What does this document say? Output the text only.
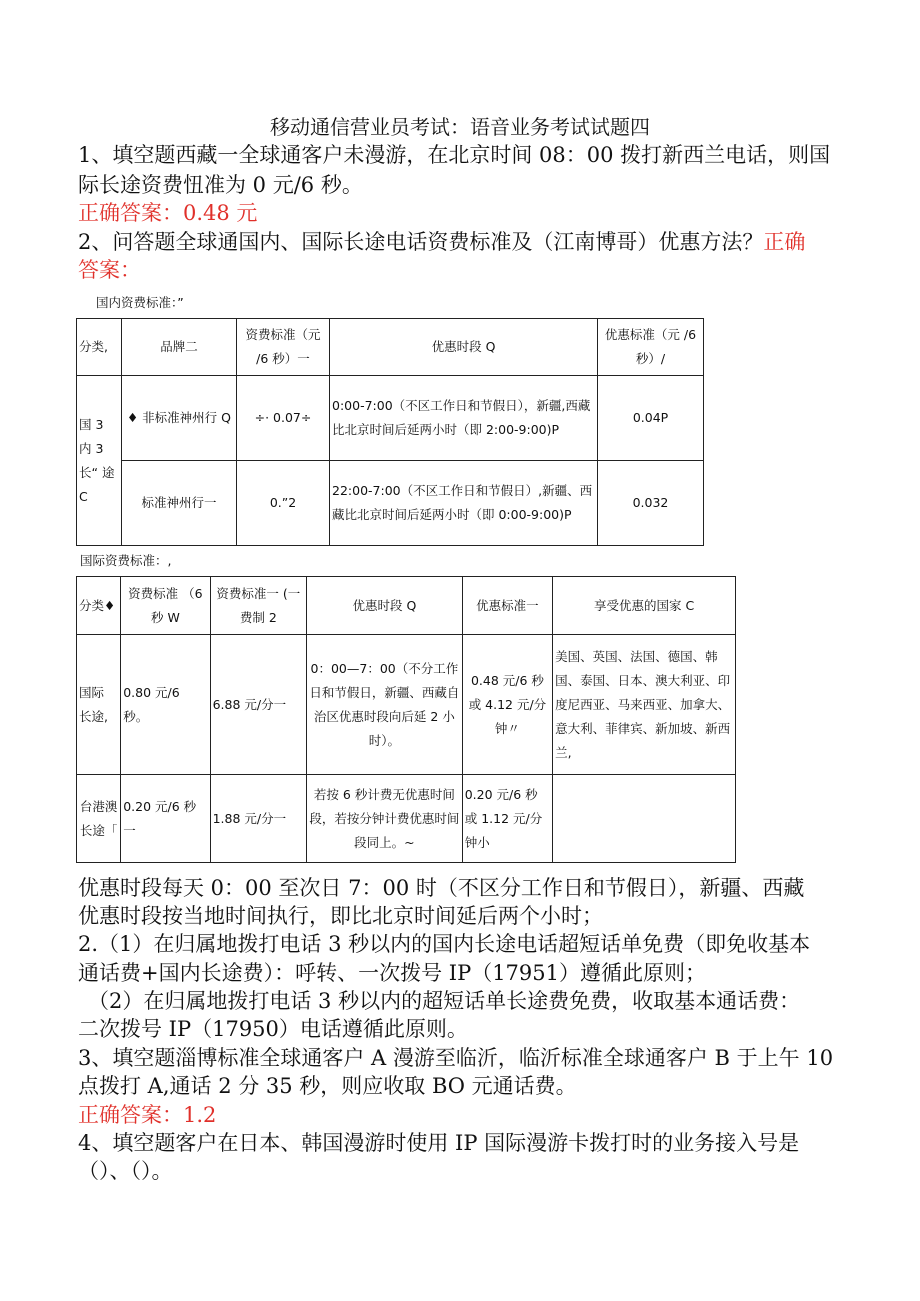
移动通信营业员考试：语音业务考试试题四
1、填空题西藏一全球通客户未漫游，在北京时间 08：00 拨打新西兰电话，则国
际长途资费忸准为 0 元/6 秒。
正确答案：0.48 元
2、问答题全球通国内、国际长途电话资费标准及（江南博哥）优惠方法？正确
答案：
国内资费标准：”
分类,	品牌二	资费标准（元 /6 秒）一	优惠时段 Q	优惠标准（元 /6 秒）/
国 3 内 3 长“ 途 C	♦ 非标准神州行 Q	÷· 0.07÷	0:00-7:00（不区工作日和节假日），新疆,西藏比北京时间后延两小时（即 2:00-9:00)P	0.04P
	标准神州行一	0.”2	22:00-7:00（不区工作日和节假日）,新疆、西藏比北京时间后延两小时（即 0:00-9:00)P	0.032
国际资费标准：,
分类♦	资费标准 （6 秒 W	资费标准一 (一费制 2	优惠时段 Q	优惠标准一	享受优惠的国家 C
国际 长途,	0.80 元/6 秒。	6.88 元/分一	0：00—7：00（不分工作日和节假日，新疆、西藏自治区优惠时段向后延 2 小时）。	0.48 元/6 秒或 4.12 元/分钟〃	美国、英国、法国、德国、韩国、泰国、日本、澳大利亚、印度尼西亚、马来西亚、加拿大、意大利、菲律宾、新加坡、新西兰,
台港澳 长途「	0.20 元/6 秒一	1.88 元/分一	若按 6 秒计费无优惠时间段，若按分钟计费优惠时间段同上。~	0.20 元/6 秒或 1.12 元/分钟小	
优惠时段每天 0：00 至次日 7：00 时（不区分工作日和节假日），新疆、西藏
优惠时段按当地时间执行，即比北京时间延后两个小时；
2.（1）在归属地拨打电话 3 秒以内的国内长途电话超短话单免费（即免收基本
通话费+国内长途费）：呼转、一次拨号 IP（17951）遵循此原则；
（2）在归属地拨打电话 3 秒以内的超短话单长途费免费，收取基本通话费：
二次拨号 IP（17950）电话遵循此原则。
3、填空题淄博标准全球通客户 A 漫游至临沂，临沂标准全球通客户 B 于上午 10
点拨打 A,通话 2 分 35 秒，则应收取 BO 元通话费。
正确答案：1.2
4、填空题客户在日本、韩国漫游时使用 IP 国际漫游卡拨打时的业务接入号是
（）、（）。
